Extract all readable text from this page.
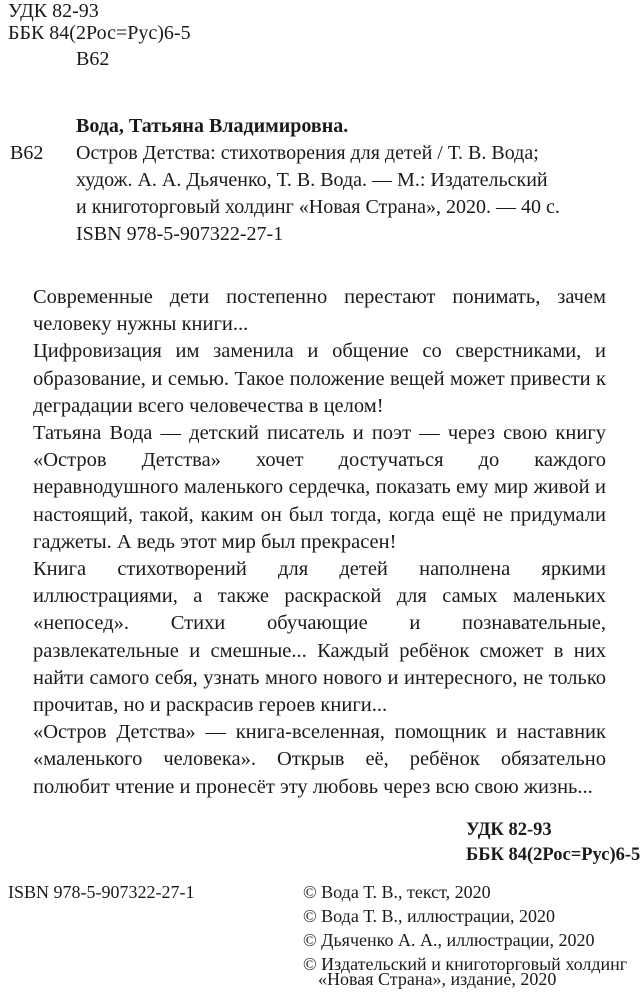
УДК 82-93
ББК 84(2Рос=Рус)6-5
В62
Вода, Татьяна Владимировна.
В62 Остров Детства: стихотворения для детей / Т. В. Вода;
худож. А. А. Дьяченко, Т. В. Вода. — М.: Издательский
и книготорговый холдинг «Новая Страна», 2020. — 40 с.
ISBN 978-5-907322-27-1

Современные дети постепенно перестают понимать, зачем человеку нужны книги...

Цифровизация им заменила и общение со сверстниками, и образование, и семью. Такое положение вещей может привести к деградации всего человечества в целом!

Татьяна Вода — детский писатель и поэт — через свою книгу «Остров Детства» хочет достучаться до каждого неравнодушного маленького сердечка, показать ему мир живой и настоящий, такой, каким он был тогда, когда ещё не придумали гаджеты. А ведь этот мир был прекрасен!

Книга стихотворений для детей наполнена яркими иллюстрациями, а также раскраской для самых маленьких «непосед». Стихи обучающие и познавательные, развлекательные и смешные... Каждый ребёнок сможет в них найти самого себя, узнать много нового и интересного, не только прочитав, но и раскрасив героев книги...

«Остров Детства» — книга-вселенная, помощник и наставник «маленького человека». Открыв её, ребёнок обязательно полюбит чтение и пронесёт эту любовь через всю свою жизнь...

УДК 82-93
ББК 84(2Рос=Рус)6-5
ISBN 978-5-907322-27-1	© Вода Т. В., текст, 2020
© Вода Т. В., иллюстрации, 2020
© Дьяченко А. А., иллюстрации, 2020
© Издательский и книготорговый холдинг
«Новая Страна», издание, 2020
